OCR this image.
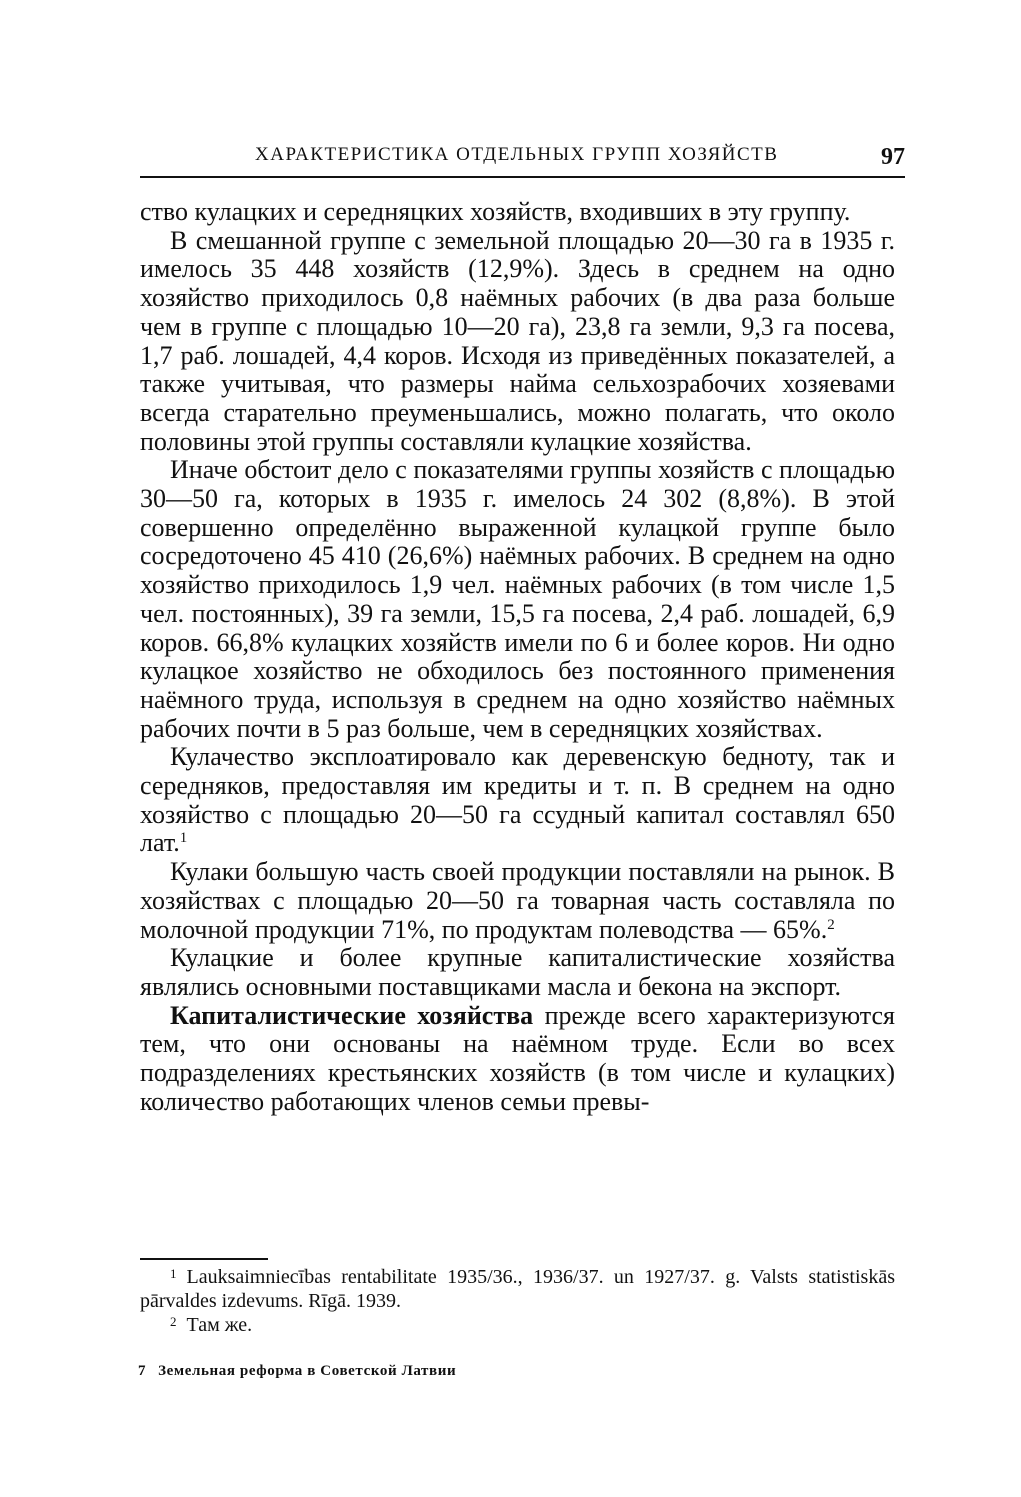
ХАРАКТЕРИСТИКА ОТДЕЛЬНЫХ ГРУПП ХОЗЯЙСТВ	97

ство кулацких и середняцких хозяйств, входивших в эту группу.

В смешанной группе с земельной площадью 20—30 га в 1935 г. имелось 35 448 хозяйств (12,9%). Здесь в среднем на одно хозяйство приходилось 0,8 наёмных рабочих (в два раза больше чем в группе с площадью 10—20 га), 23,8 га земли, 9,3 га посева, 1,7 раб. лошадей, 4,4 коров. Исходя из приведённых показателей, а также учитывая, что размеры найма сельхозрабочих хозяевами всегда старательно преуменьшались, можно полагать, что около половины этой группы составляли кулацкие хозяйства.

Иначе обстоит дело с показателями группы хозяйств с площадью 30—50 га, которых в 1935 г. имелось 24 302 (8,8%). В этой совершенно определённо выраженной кулацкой группе было сосредоточено 45 410 (26,6%) наёмных рабочих. В среднем на одно хозяйство приходилось 1,9 чел. наёмных рабочих (в том числе 1,5 чел. постоянных), 39 га земли, 15,5 га посева, 2,4 раб. лошадей, 6,9 коров. 66,8% кулацких хозяйств имели по 6 и более коров. Ни одно кулацкое хозяйство не обходилось без постоянного применения наёмного труда, используя в среднем на одно хозяйство наёмных рабочих почти в 5 раз больше, чем в середняцких хозяйствах.

Кулачество эксплоатировало как деревенскую бедноту, так и середняков, предоставляя им кредиты и т. п. В среднем на одно хозяйство с площадью 20—50 га ссудный капитал составлял 650 лат.$^1$

Кулаки большую часть своей продукции поставляли на рынок. В хозяйствах с площадью 20—50 га товарная часть составляла по молочной продукции 71%, по продуктам полеводства — 65%.$^2$

Кулацкие и более крупные капиталистические хозяйства являлись основными поставщиками масла и бекона на экспорт.

Капиталистические хозяйства прежде всего характеризуются тем, что они основаны на наёмном труде. Если во всех подразделениях крестьянских хозяйств (в том числе и кулацких) количество работающих членов семьи превы-

$^1$ Lauksaimniecības rentabilitate 1935/36., 1936/37. un 1927/37. g. Valsts statistiskās pārvaldes izdevums. Rīgā. 1939.

$^2$ Там же.

7 Земельная реформа в Советской Латвии
